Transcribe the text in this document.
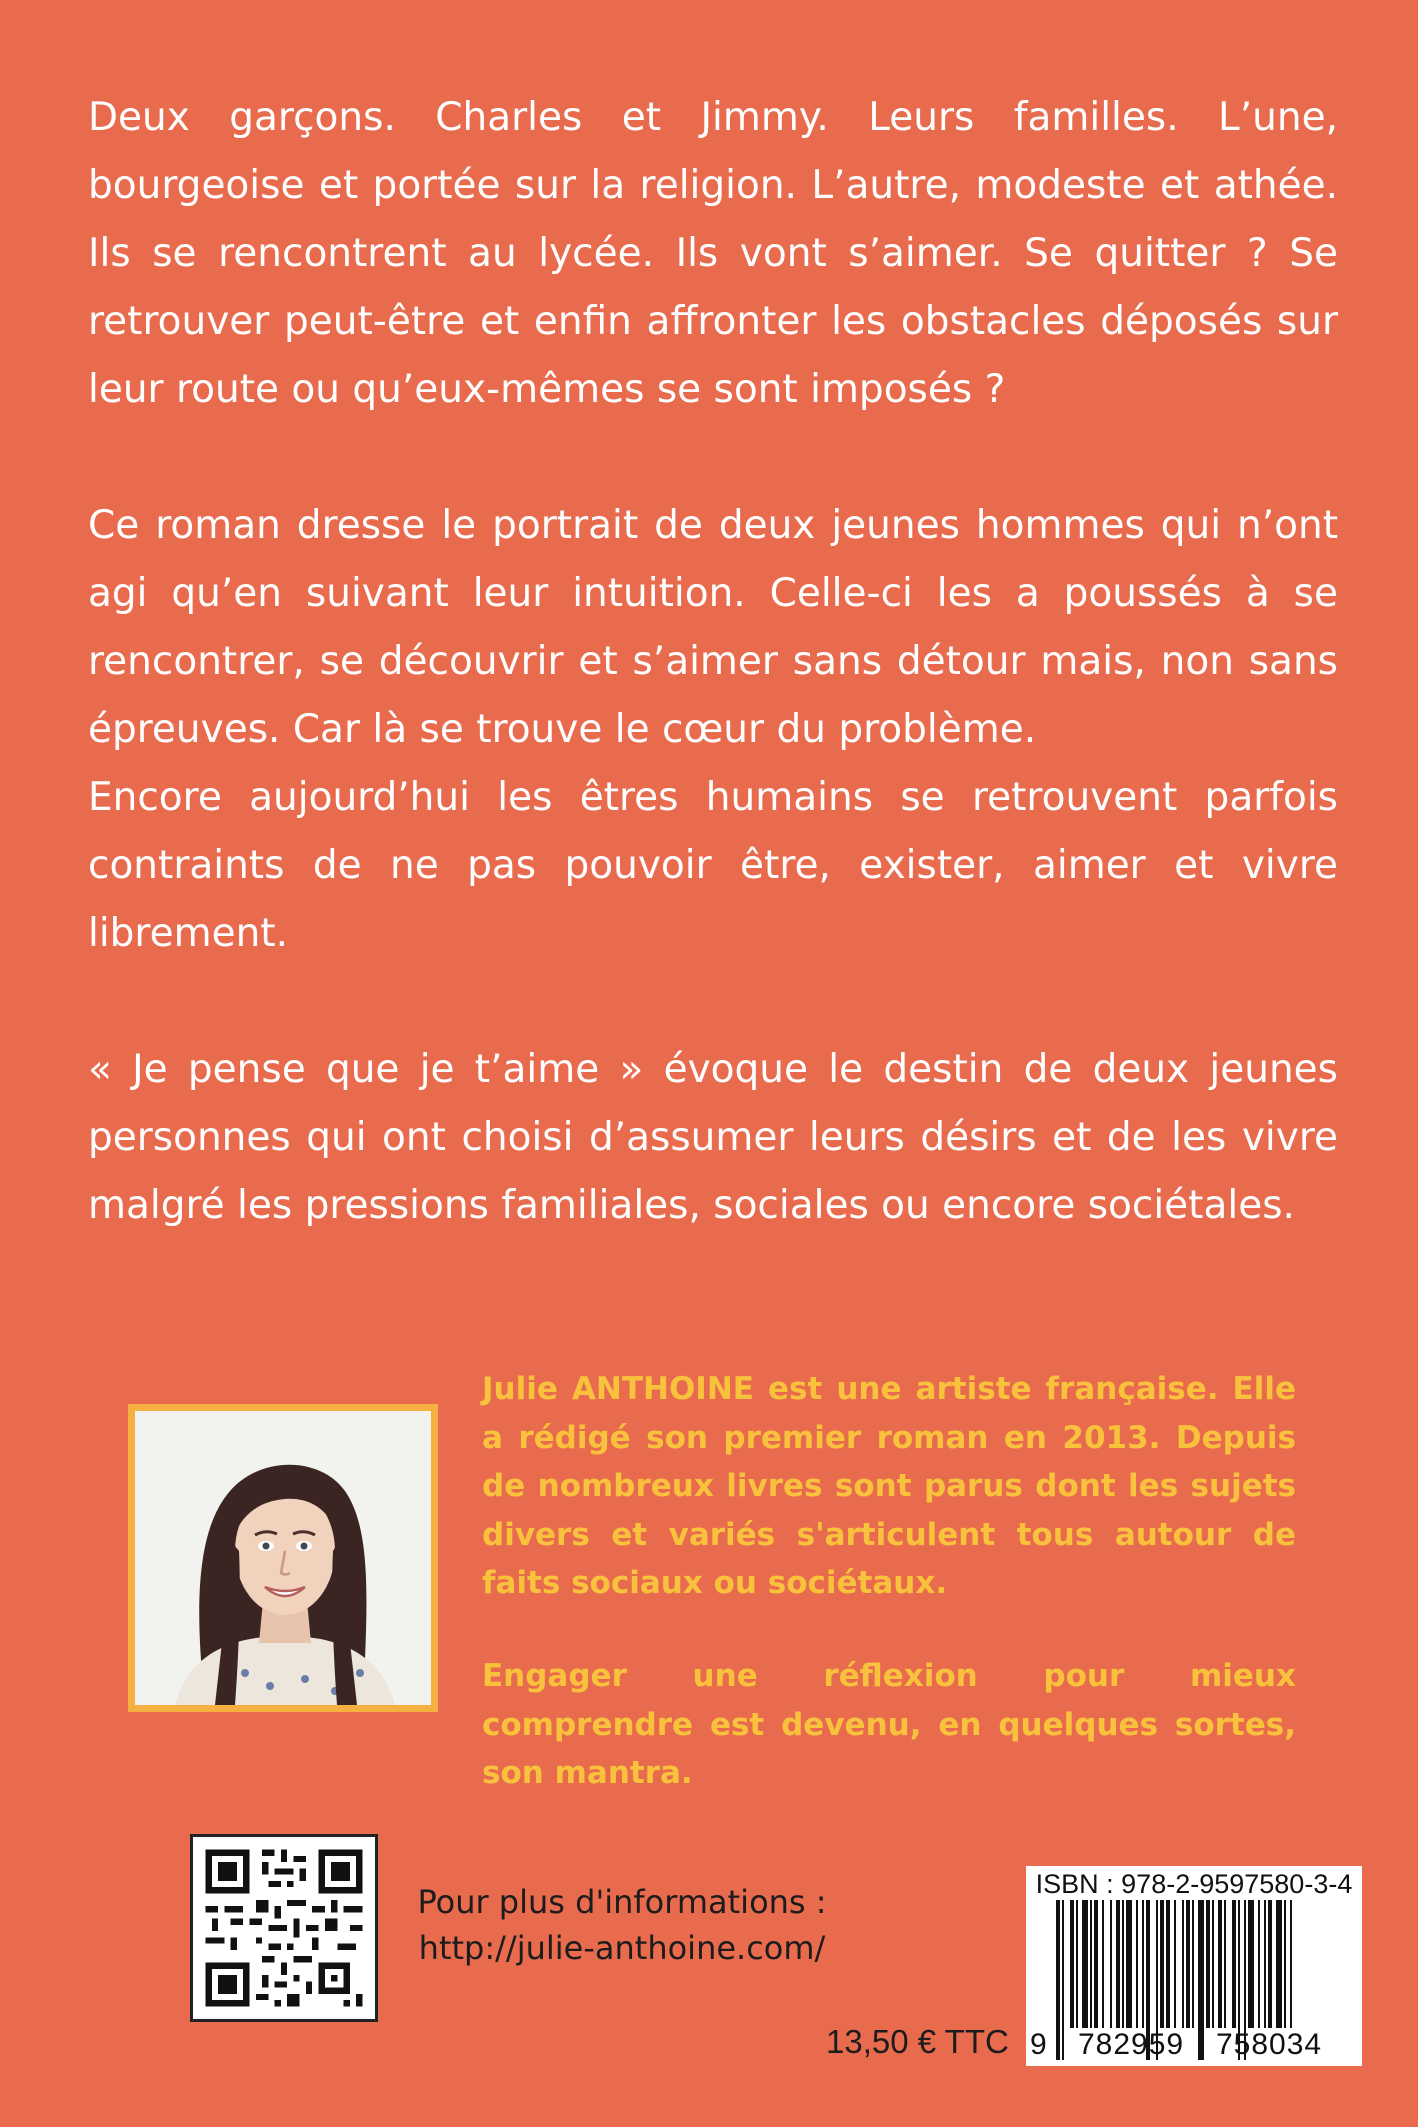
Deux garçons. Charles et Jimmy. Leurs familles. L’une, bourgeoise et portée sur la religion. L’autre, modeste et athée. Ils se rencontrent au lycée. Ils vont s’aimer. Se quitter ? Se retrouver peut-être et enfin affronter les obstacles déposés sur leur route ou qu’eux-mêmes se sont imposés ?

Ce roman dresse le portrait de deux jeunes hommes qui n’ont agi qu’en suivant leur intuition. Celle-ci les a poussés à se rencontrer, se découvrir et s’aimer sans détour mais, non sans épreuves. Car là se trouve le cœur du problème.
Encore aujourd’hui les êtres humains se retrouvent parfois contraints de ne pas pouvoir être, exister, aimer et vivre librement.

« Je pense que je t’aime » évoque le destin de deux jeunes personnes qui ont choisi d’assumer leurs désirs et de les vivre malgré les pressions familiales, sociales ou encore sociétales.

Julie ANTHOINE est une artiste française. Elle a rédigé son premier roman en 2013. Depuis de nombreux livres sont parus dont les sujets divers et variés s'articulent tous autour de faits sociaux ou sociétaux.

Engager une réflexion pour mieux comprendre est devenu, en quelques sortes, son mantra.

Pour plus d'informations :
http://julie-anthoine.com/
13,50 € TTC
ISBN : 978-2-9597580-3-4
9 782959 758034
